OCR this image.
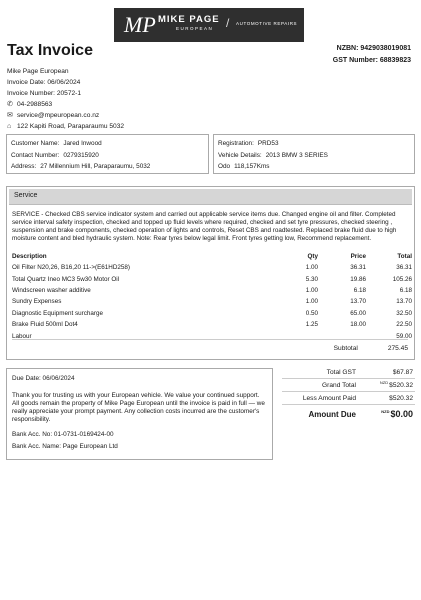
MP MIKE PAGE
EUROPEAN / AUTOMOTIVE REPAIRS
Tax Invoice	NZBN: 9429038019081
GST Number: 68839823
Mike Page European
Invoice Date: 06/06/2024
Invoice Number: 20572-1
✆ 04-2988563
✉ service@mpeuropean.co.nz
⌂ 122 Kapiti Road, Paraparaumu 5032
Customer Name: Jared Inwood
Contact Number: 0279315920
Address: 27 Millennium Hill, Paraparaumu, 5032
Registration: PRD53
Vehicle Details: 2013 BMW 3 SERIES
Odo 118,157Kms
Service
SERVICE - Checked CBS service indicator system and carried out applicable service items due. Changed engine oil and filter. Completed service interval safety inspection, checked and topped up fluid levels where required, checked and set tyre pressures, checked steering , suspension and brake components, checked operation of lights and controls, Reset CBS and roadtested. Replaced brake fluid due to high moisture content and bled hydraulic system. Note: Rear tyres below legal limit. Front tyres getting low, Recommend replacement.
Description	Qty	Price	Total
Oil Filter N20,26, B16,20 11->(E61HD258)	1.00	36.31	36.31
Total Quartz Ineo MC3 5w30 Motor Oil	5.30	19.86	105.26
Windscreen washer additive	1.00	6.18	6.18
Sundry Expenses	1.00	13.70	13.70
Diagnostic Equipment surcharge	0.50	65.00	32.50
Brake Fluid 500ml Dot4	1.25	18.00	22.50
Labour			59.00
Subtotal	275.45

Due Date: 06/06/2024

Thank you for trusting us with your European vehicle. We value your continued support.

All goods remain the property of Mike Page European until the invoice is paid in full — we really appreciate your prompt payment. Any collection costs incurred are the customer's responsibility.

Bank Acc. No: 01-0731-0169424-00

Bank Acc. Name: Page European Ltd

Total GST	$67.87
Grand Total	$^{NZD}$\$520.32
Less Amount Paid	$520.32
Amount Due	$^{NZD}$\$0.00
